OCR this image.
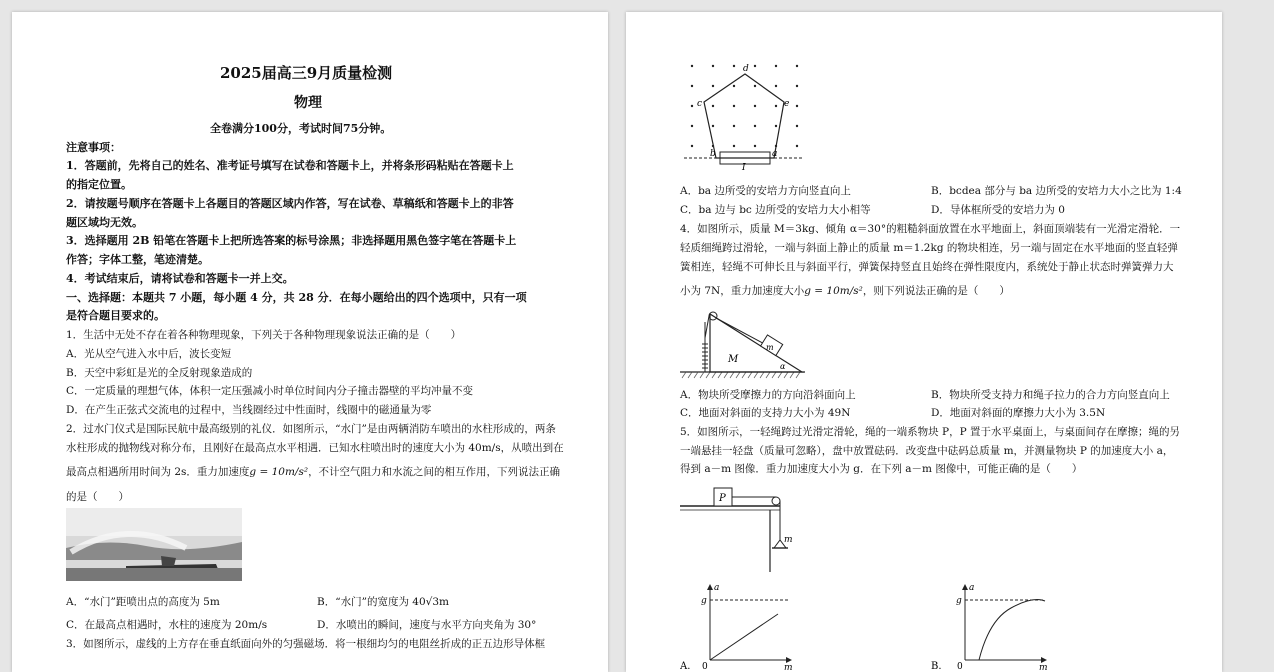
2025届高三9月质量检测
物理
全卷满分100分，考试时间75分钟。
注意事项：
1．答题前，先将自己的姓名、准考证号填写在试卷和答题卡上，并将条形码粘贴在答题卡上
的指定位置。
2．请按题号顺序在答题卡上各题目的答题区域内作答，写在试卷、草稿纸和答题卡上的非答
题区域均无效。
3．选择题用 2B 铅笔在答题卡上把所选答案的标号涂黑；非选择题用黑色签字笔在答题卡上
作答；字体工整，笔迹清楚。
4．考试结束后，请将试卷和答题卡一并上交。
一、选择题：本题共 7 小题，每小题 4 分，共 28 分．在每小题给出的四个选项中，只有一项
是符合题目要求的。
1．生活中无处不存在着各种物理现象，下列关于各种物理现象说法正确的是（　　）
A．光从空气进入水中后，波长变短
B．天空中彩虹是光的全反射现象造成的
C．一定质量的理想气体，体积一定压强减小时单位时间内分子撞击器壁的平均冲量不变
D．在产生正弦式交流电的过程中，当线圈经过中性面时，线圈中的磁通量为零
2．过水门仪式是国际民航中最高级别的礼仪．如图所示，“水门”是由两辆消防车喷出的水柱形成的，两条
水柱形成的抛物线对称分布，且刚好在最高点水平相遇．已知水柱喷出时的速度大小为 40m/s，从喷出到在
最高点相遇所用时间为 2s．重力加速度g = 10m/s²，不计空气阻力和水流之间的相互作用，下列说法正确
的是（　　）
A．“水门”距喷出点的高度为 5m	B．“水门”的宽度为 40√3m
C．在最高点相遇时，水柱的速度为 20m/s	D．水喷出的瞬间，速度与水平方向夹角为 30°
3．如图所示，虚线的上方存在垂直纸面向外的匀强磁场．将一根细均匀的电阻丝折成的正五边形导体框
d
c	e
b	a
I
A．ba 边所受的安培力方向竖直向上	B．bcdea 部分与 ba 边所受的安培力大小之比为 1:4
C．ba 边与 bc 边所受的安培力大小相等	D．导体框所受的安培力为 0
4．如图所示，质量 M＝3kg、倾角 α＝30°的粗糙斜面放置在水平地面上，斜面顶端装有一光滑定滑轮．一
轻质细绳跨过滑轮，一端与斜面上静止的质量 m＝1.2kg 的物块相连，另一端与固定在水平地面的竖直轻弹
簧相连，轻绳不可伸长且与斜面平行，弹簧保持竖直且始终在弹性限度内，系统处于静止状态时弹簧弹力大
小为 7N，重力加速度大小g = 10m/s²，则下列说法正确的是（　　）
M
m
α
A．物块所受摩擦力的方向沿斜面向上	B．物块所受支持力和绳子拉力的合力方向竖直向上
C．地面对斜面的支持力大小为 49N	D．地面对斜面的摩擦力大小为 3.5N
5．如图所示，一轻绳跨过光滑定滑轮，绳的一端系物块 P，P 置于水平桌面上，与桌面间存在摩擦；绳的另
一端悬挂一轻盘（质量可忽略），盘中放置砝码．改变盘中砝码总质量 m，并测量物块 P 的加速度大小 a，
得到 a－m 图像．重力加速度大小为 g．在下列 a－m 图像中，可能正确的是（　　）
P
m
A.
a
g
0	m	B.
a
g
0	m
